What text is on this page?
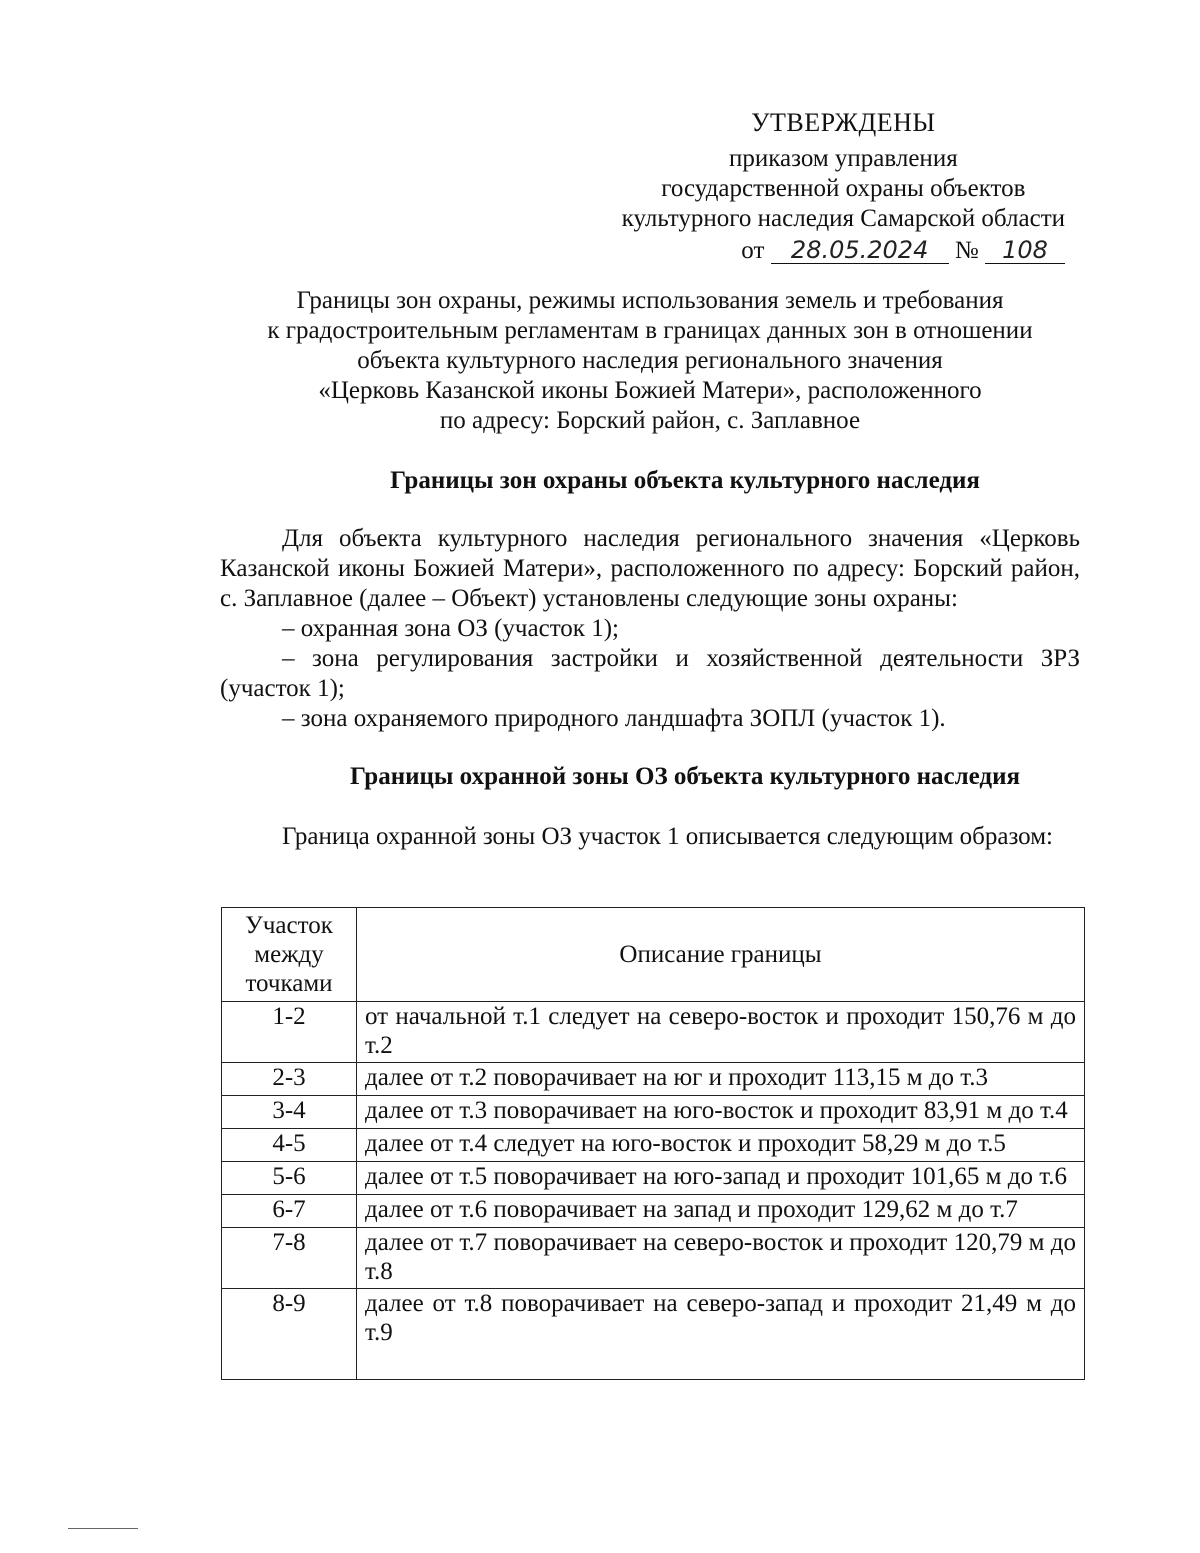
УТВЕРЖДЕНЫ
приказом управления
государственной охраны объектов
культурного наследия Самарской области
от 28.05.2024 № 108
Границы зон охраны, режимы использования земель и требования
к градостроительным регламентам в границах данных зон в отношении
объекта культурного наследия регионального значения
«Церковь Казанской иконы Божией Матери», расположенного
по адресу: Борский район, с. Заплавное
Границы зон охраны объекта культурного наследия

Для объекта культурного наследия регионального значения «Церковь Казанской иконы Божией Матери», расположенного по адресу: Борский район, с. Заплавное (далее – Объект) установлены следующие зоны охраны:

– охранная зона ОЗ (участок 1);

– зона регулирования застройки и хозяйственной деятельности ЗРЗ (участок 1);

– зона охраняемого природного ландшафта ЗОПЛ (участок 1).

Границы охранной зоны ОЗ объекта культурного наследия

Граница охранной зоны ОЗ участок 1 описывается следующим образом:

Участок между точками	Описание границы
1-2	от начальной т.1 следует на северо-восток и проходит 150,76 м до т.2
2-3	далее от т.2 поворачивает на юг и проходит 113,15 м до т.3
3-4	далее от т.3 поворачивает на юго-восток и проходит 83,91 м до т.4
4-5	далее от т.4 следует на юго-восток и проходит 58,29 м до т.5
5-6	далее от т.5 поворачивает на юго-запад и проходит 101,65 м до т.6
6-7	далее от т.6 поворачивает на запад и проходит 129,62 м до т.7
7-8	далее от т.7 поворачивает на северо-восток и проходит 120,79 м до т.8
8-9	далее от т.8 поворачивает на северо-запад и проходит 21,49 м до т.9
